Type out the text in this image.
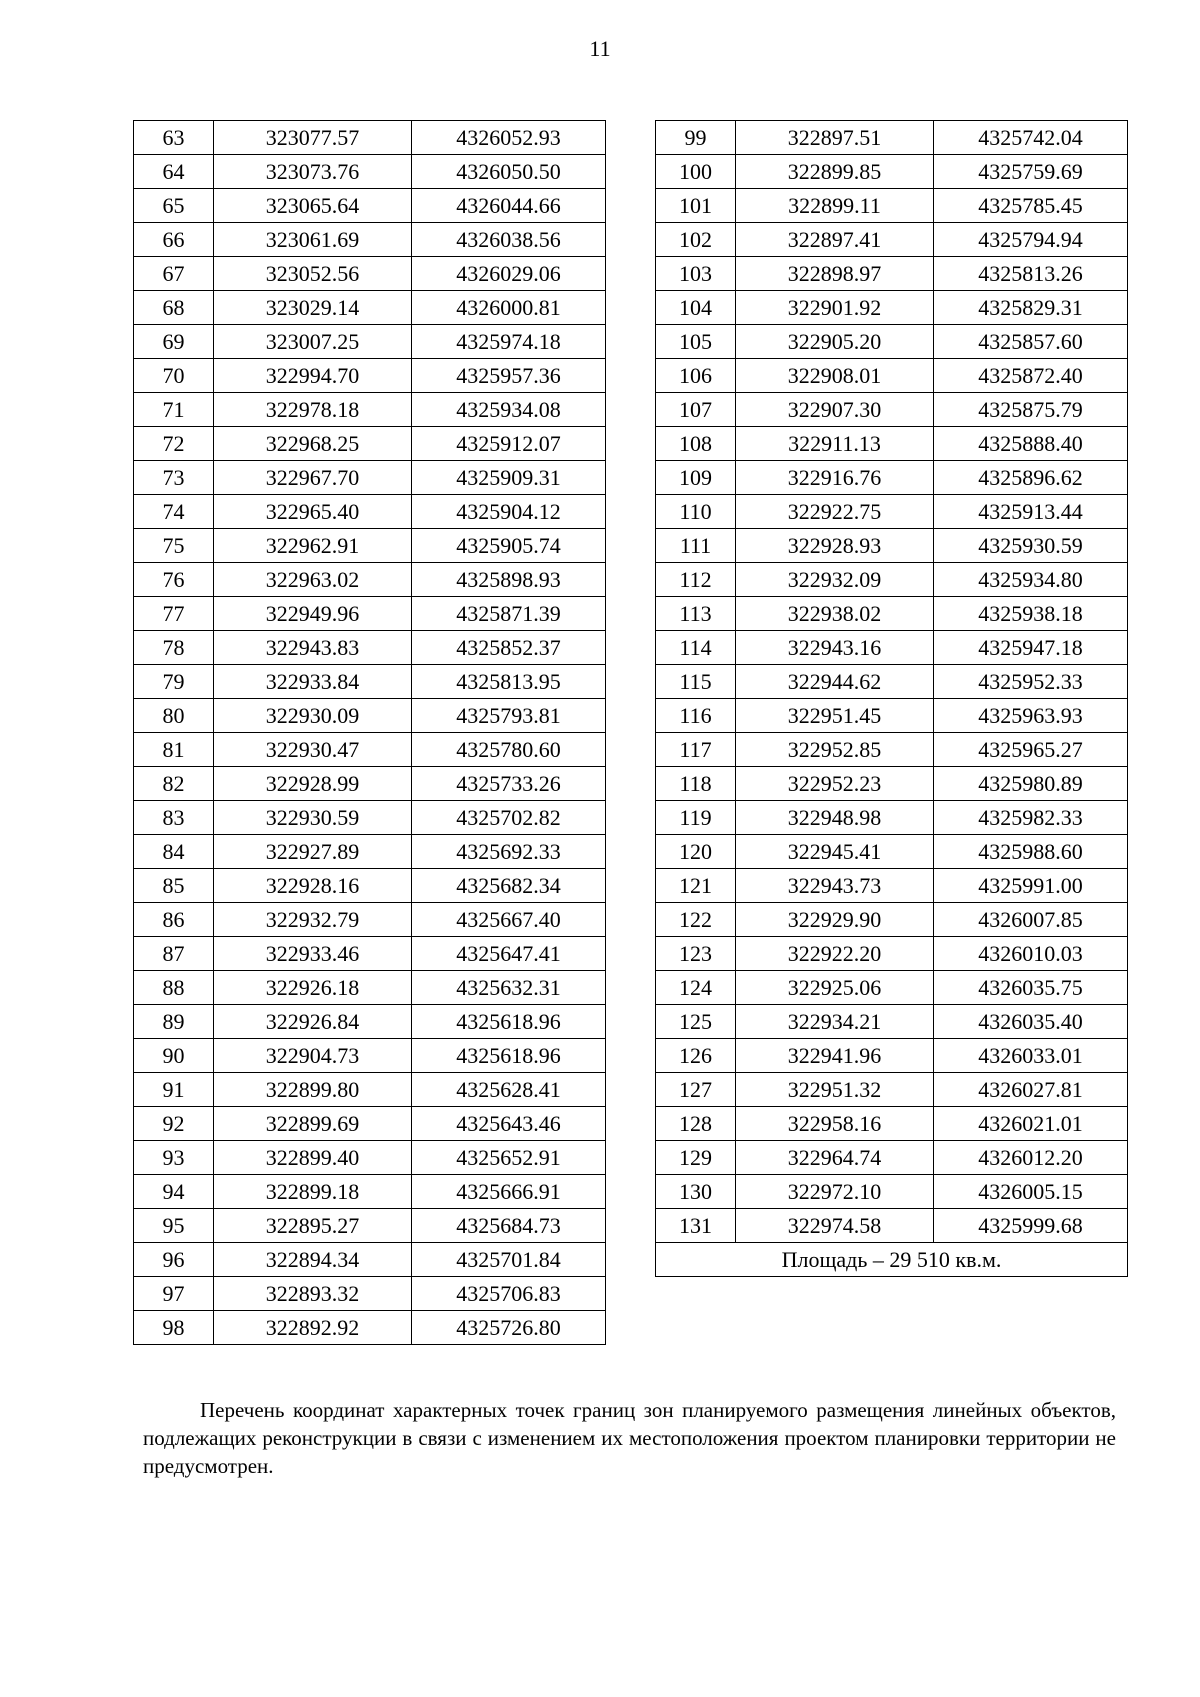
11
63	323077.57	4326052.93
64	323073.76	4326050.50
65	323065.64	4326044.66
66	323061.69	4326038.56
67	323052.56	4326029.06
68	323029.14	4326000.81
69	323007.25	4325974.18
70	322994.70	4325957.36
71	322978.18	4325934.08
72	322968.25	4325912.07
73	322967.70	4325909.31
74	322965.40	4325904.12
75	322962.91	4325905.74
76	322963.02	4325898.93
77	322949.96	4325871.39
78	322943.83	4325852.37
79	322933.84	4325813.95
80	322930.09	4325793.81
81	322930.47	4325780.60
82	322928.99	4325733.26
83	322930.59	4325702.82
84	322927.89	4325692.33
85	322928.16	4325682.34
86	322932.79	4325667.40
87	322933.46	4325647.41
88	322926.18	4325632.31
89	322926.84	4325618.96
90	322904.73	4325618.96
91	322899.80	4325628.41
92	322899.69	4325643.46
93	322899.40	4325652.91
94	322899.18	4325666.91
95	322895.27	4325684.73
96	322894.34	4325701.84
97	322893.32	4325706.83
98	322892.92	4325726.80
99	322897.51	4325742.04
100	322899.85	4325759.69
101	322899.11	4325785.45
102	322897.41	4325794.94
103	322898.97	4325813.26
104	322901.92	4325829.31
105	322905.20	4325857.60
106	322908.01	4325872.40
107	322907.30	4325875.79
108	322911.13	4325888.40
109	322916.76	4325896.62
110	322922.75	4325913.44
111	322928.93	4325930.59
112	322932.09	4325934.80
113	322938.02	4325938.18
114	322943.16	4325947.18
115	322944.62	4325952.33
116	322951.45	4325963.93
117	322952.85	4325965.27
118	322952.23	4325980.89
119	322948.98	4325982.33
120	322945.41	4325988.60
121	322943.73	4325991.00
122	322929.90	4326007.85
123	322922.20	4326010.03
124	322925.06	4326035.75
125	322934.21	4326035.40
126	322941.96	4326033.01
127	322951.32	4326027.81
128	322958.16	4326021.01
129	322964.74	4326012.20
130	322972.10	4326005.15
131	322974.58	4325999.68
Площадь – 29 510 кв.м.		

Перечень координат характерных точек границ зон планируемого размещения линейных объектов, подлежащих реконструкции в связи с изменением их местоположения проектом планировки территории не предусмотрен.
